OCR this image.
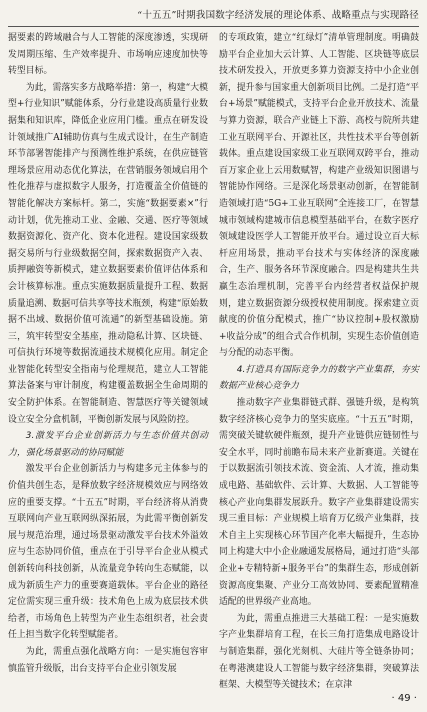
“十五五”时期我国数字经济发展的理论体系、战略重点与实现路径

据要素的跨域融合与人工智能的深度渗透，实现研发周期压缩、生产效率提升、市场响应速度加快等转型目标。

为此，需落实多方战略举措：第一，构建“大模型+行业知识”赋能体系，分行业建设高质量行业数据集和知识库，降低企业应用门槛。重点在研发设计领域推广AI辅助仿真与生成式设计，在生产制造环节部署智能排产与预测性维护系统，在供应链管理场景应用动态优化算法，在营销服务领域启用个性化推荐与虚拟数字人服务，打造覆盖全价值链的智能化解决方案标杆。第二，实施“数据要素×”行动计划，优先推动工业、金融、交通、医疗等领域数据资源化、资产化、资本化进程。建设国家级数据交易所与行业级数据空间，探索数据资产入表、质押融资等新模式，建立数据要素价值评估体系和会计核算标准。重点实施数据质量提升工程、数据质量追溯、数据可信共享等技术瓶颈，构建“原始数据不出域、数据价值可流通”的新型基础设施。第三，筑牢转型安全基座，推动隐私计算、区块链、可信执行环境等数据流通技术规模化应用。制定企业智能化转型安全指南与伦理规范，建立人工智能算法备案与审计制度，构建覆盖数据全生命周期的安全防护体系。在智能制造、智慧医疗等关键领域设立安全分盒机制，平衡创新发展与风险防控。

3.激发平台企业创新活力与生态价值共创动力，强化场景驱动的协同赋能

激发平台企业创新活力与构建多元主体参与的价值共创生态，是释放数字经济规模效应与网络效应的重要支撑。“十五五”时期，平台经济将从消费互联网向产业互联网纵深拓展，为此需平衡创新发展与规范治理，通过场景驱动激发平台技术外溢效应与生态协同价值，重点在于引导平台企业从模式创新转向科技创新，从流量竞争转向生态赋能，以成为新质生产力的重要赛道载体。平台企业的路径定位需实现三重升级：技术角色上成为底层技术供给者，市场角色上转型为产业生态组织者，社会责任上担当数字化转型赋能者。

为此，需重点强化战略方向：一是实施包容审慎监管升级版，出台支持平台企业引领发展

的专项政策，建立“红绿灯”清单管理制度。明确鼓励平台企业加大云计算、人工智能、区块链等底层技术研发投入，开放更多算力资源支持中小企业创新，提升参与国家重大创新项目比例。二是打造“平台+场景”赋能模式，支持平台企业开放技术、流量与算力资源，联合产业链上下游、高校与院所共建工业互联网平台、开源社区，共性技术平台等创新载体。重点建设国家级工业互联网双跨平台，推动百万家企业上云用数赋智，构建产业级知识图谱与智能协作网络。三是深化场景驱动创新，在智能制造领域打造“5G+工业互联网”全连接工厂，在智慧城市领域构建城市信息模型基础平台，在数字医疗领域建设医学人工智能开放平台。通过设立百大标杆应用场景，推动平台技术与实体经济的深度融合，生产、服务各环节深度融合。四是构建共生共赢生态治理机制，完善平台内经营者权益保护规则，建立数据资源分级授权使用制度。探索建立贡献度的价值分配模式，推广“协议控制+股权激励+收益分成”的组合式合作机制，实现生态价值创造与分配的动态平衡。

4.打造具有国际竞争力的数字产业集群，夯实数据产业核心竞争力

推动数字产业集群链式群、强链升级，是构筑数字经济核心竞争力的坚实底座。“十五五”时期，需突破关键软硬件瓶颈，提升产业链供应链韧性与安全水平，同时前瞻布局未来产业新赛道。关键在于以数据流引领技术流、资金流、人才流，推动集成电路、基础软件、云计算、大数据、人工智能等核心产业向集群发展跃升。数字产业集群建设需实现三重目标：产业规模上培育万亿级产业集群，技术自主上实现核心环节国产化率大幅提升，生态协同上构建大中小企业融通发展格局，通过打造“头部企业+专精特新+服务平台”的集群生态，形成创新资源高度集聚、产业分工高效协同、要素配置精准适配的世界级产业高地。

为此，需重点推进三大基础工程：一是实施数字产业集群培育工程，在长三角打造集成电路设计与制造集群，强化光刻机、大硅片等全链条协同；在粤港澳建设人工智能与数字经济集群，突破算法框架、大模型等关键技术；在京津

· 49 ·
